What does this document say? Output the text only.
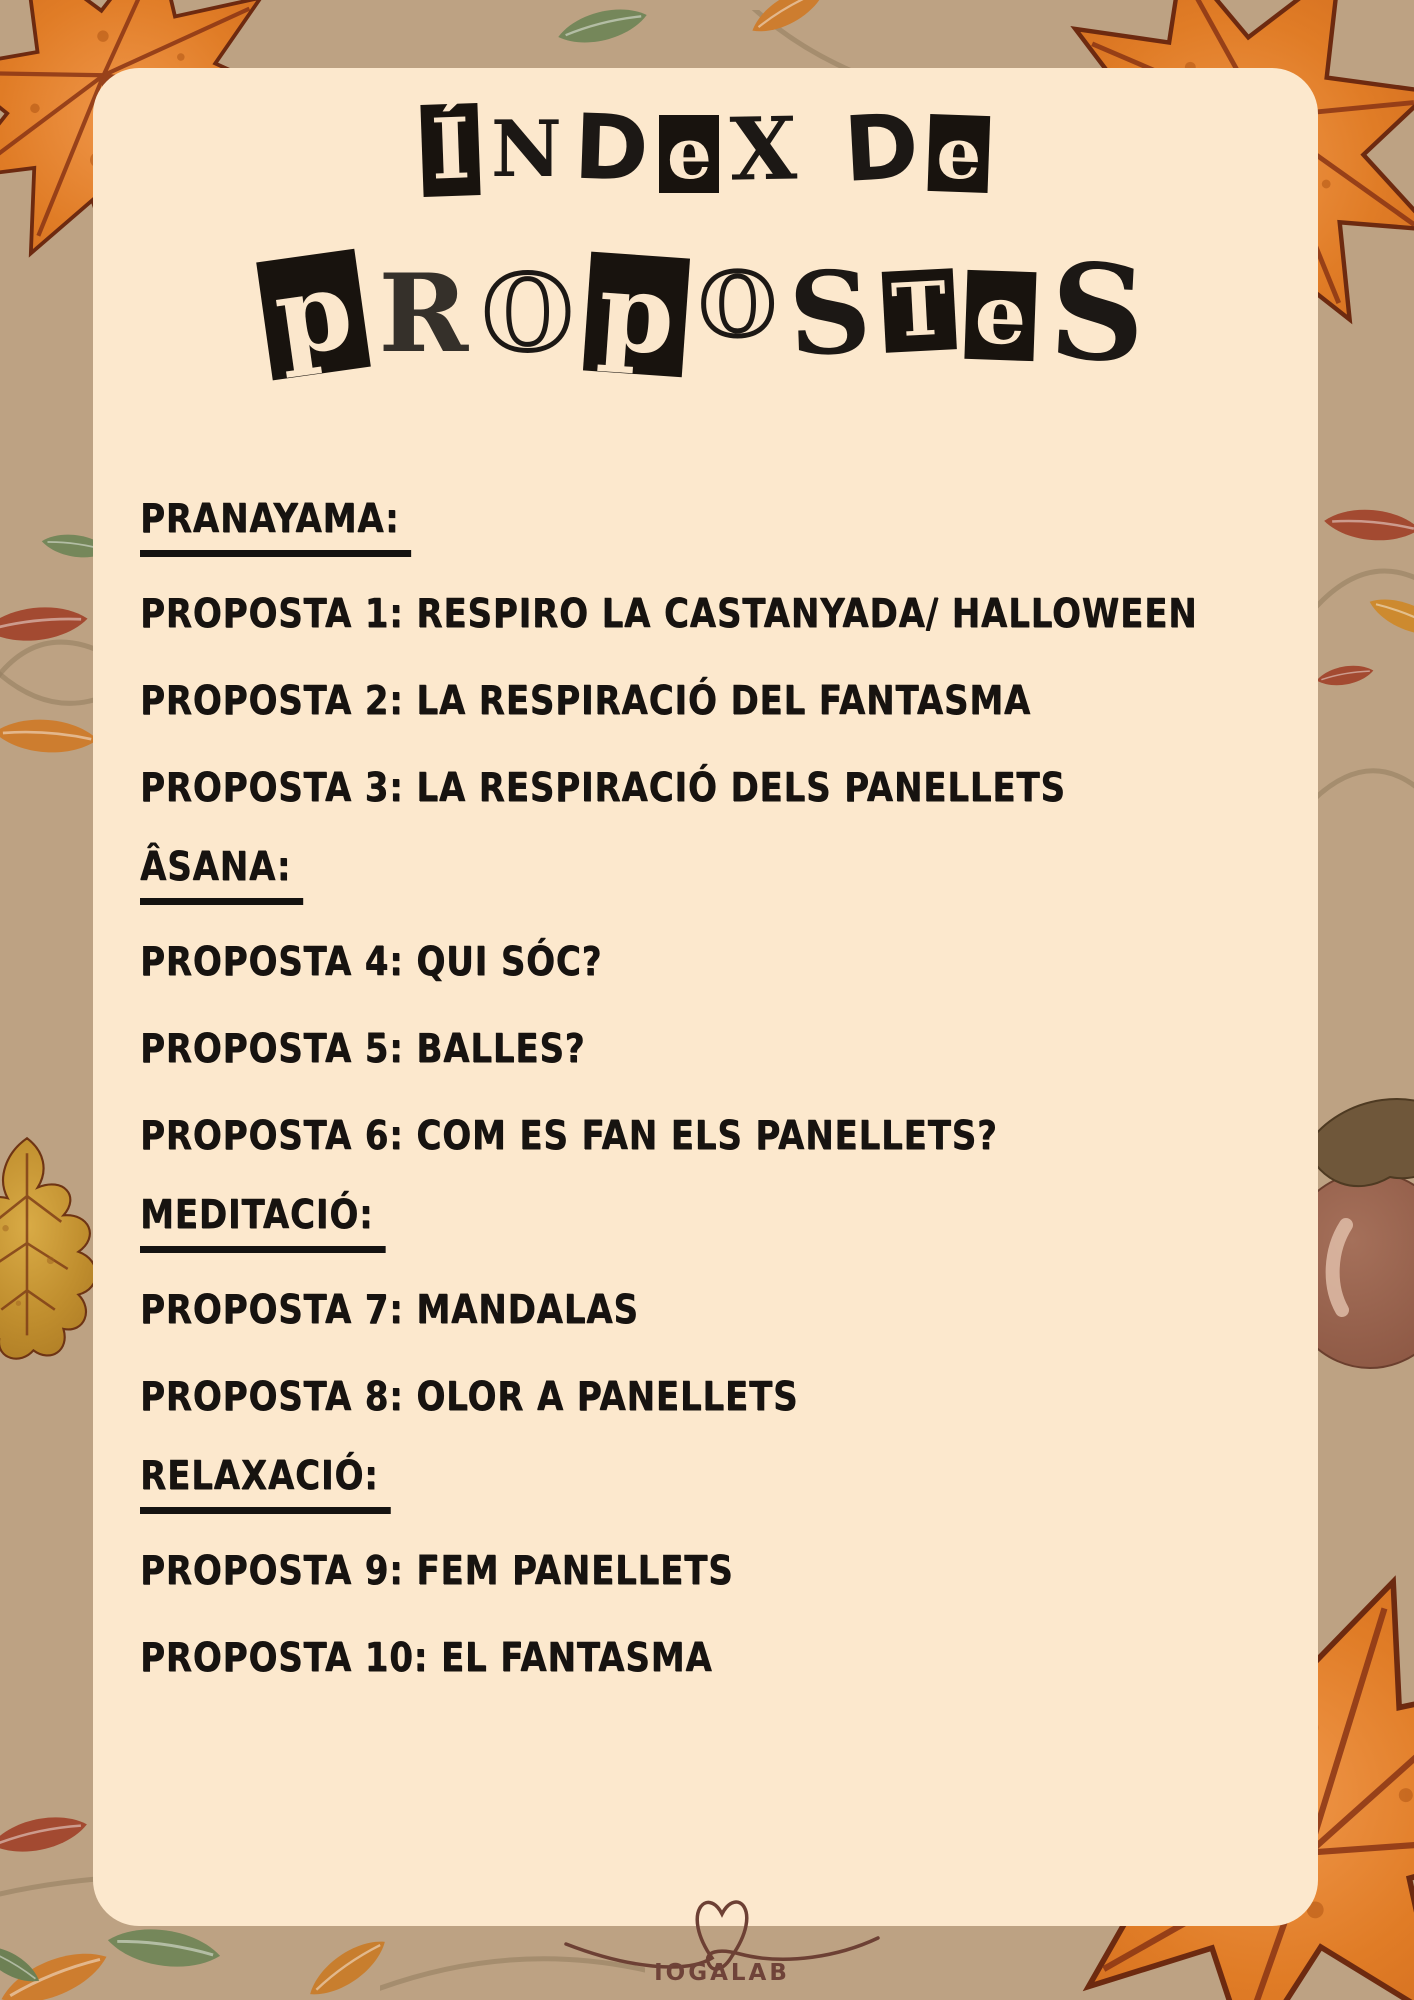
Í N D e X D e
p R O p O S T e S
PRANAYAMA:
PROPOSTA 1: RESPIRO LA CASTANYADA/ HALLOWEEN
PROPOSTA 2: LA RESPIRACIÓ DEL FANTASMA
PROPOSTA 3: LA RESPIRACIÓ DELS PANELLETS
ÂSANA:
PROPOSTA 4: QUI SÓC?
PROPOSTA 5: BALLES?
PROPOSTA 6: COM ES FAN ELS PANELLETS?
MEDITACIÓ:
PROPOSTA 7: MANDALAS
PROPOSTA 8: OLOR A PANELLETS
RELAXACIÓ:
PROPOSTA 9: FEM PANELLETS
PROPOSTA 10: EL FANTASMA
IOGALAB
